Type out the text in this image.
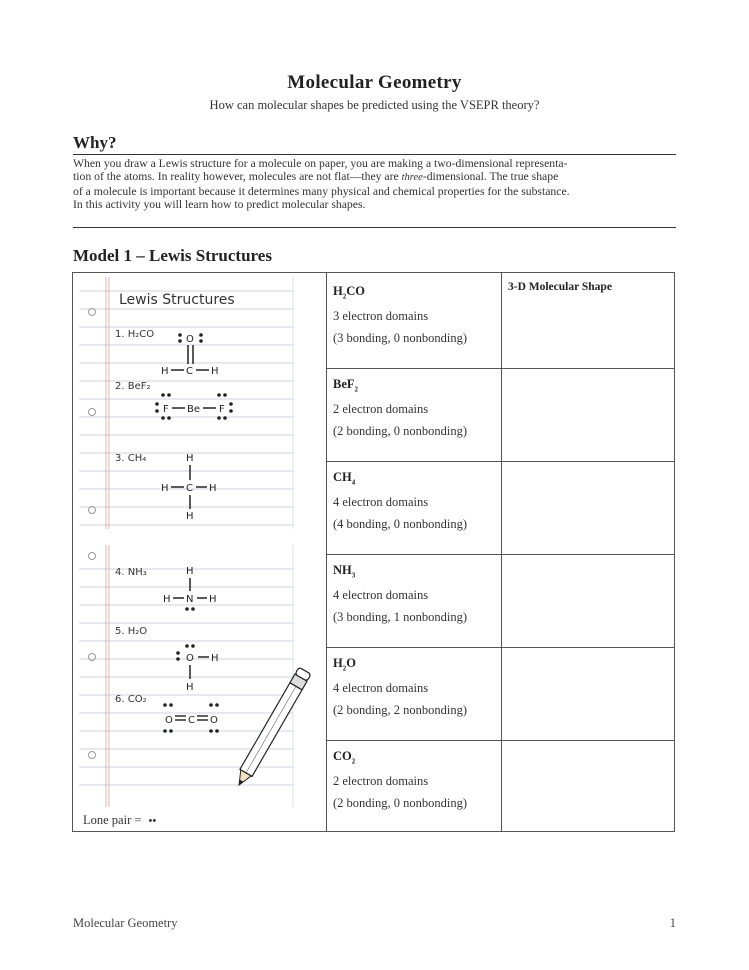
Molecular Geometry
How can molecular shapes be predicted using the VSEPR theory?
Why?
When you draw a Lewis structure for a molecule on paper, you are making a two-dimensional representa-
tion of the atoms. In reality however, molecules are not flat—they are three-dimensional. The true shape
of a molecule is important because it determines many physical and chemical properties for the substance.
In this activity you will learn how to predict molecular shapes.
Model 1 – Lewis Structures
3-D Molecular Shape
$H_2CO$
3 electron domains
(3 bonding, 0 nonbonding)
BeF$_2$
2 electron domains
(2 bonding, 0 nonbonding)
$CH_4$
4 electron domains
(4 bonding, 0 nonbonding)
$NH_3$
4 electron domains
(3 bonding, 1 nonbonding)
$H_2O$
4 electron domains
(2 bonding, 2 nonbonding)
$CO_2$
2 electron domains
(2 bonding, 0 nonbonding)
Lewis Structures
1. H₂CO
2. BeF₂
3. CH₄
4. NH₃
5. H₂O
6. CO₂
O
H C H
F Be F
H
H C H
H
H
H N H
O H
H
O C O
Lone pair = ••
Molecular Geometry	1
